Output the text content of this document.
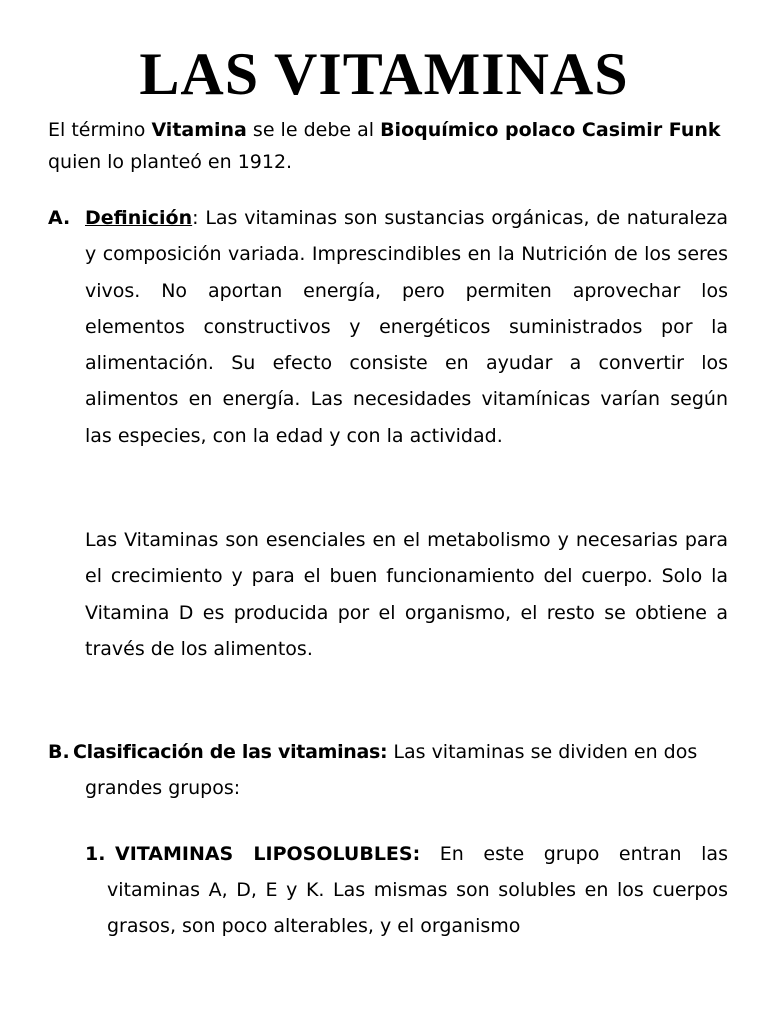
LAS VITAMINAS

El término Vitamina se le debe al Bioquímico polaco Casimir Funk quien lo planteó en 1912.

A. Definición: Las vitaminas son sustancias orgánicas, de naturaleza y composición variada. Imprescindibles en la Nutrición de los seres vivos. No aportan energía, pero permiten aprovechar los elementos constructivos y energéticos suministrados por la alimentación. Su efecto consiste en ayudar a convertir los alimentos en energía. Las necesidades vitamínicas varían según las especies, con la edad y con la actividad.

Las Vitaminas son esenciales en el metabolismo y necesarias para el crecimiento y para el buen funcionamiento del cuerpo. Solo la Vitamina D es producida por el organismo, el resto se obtiene a través de los alimentos.

B. Clasificación de las vitaminas: Las vitaminas se dividen en dos grandes grupos:

1. VITAMINAS LIPOSOLUBLES: En este grupo entran las vitaminas A, D, E y K. Las mismas son solubles en los cuerpos grasos, son poco alterables, y el organismo
